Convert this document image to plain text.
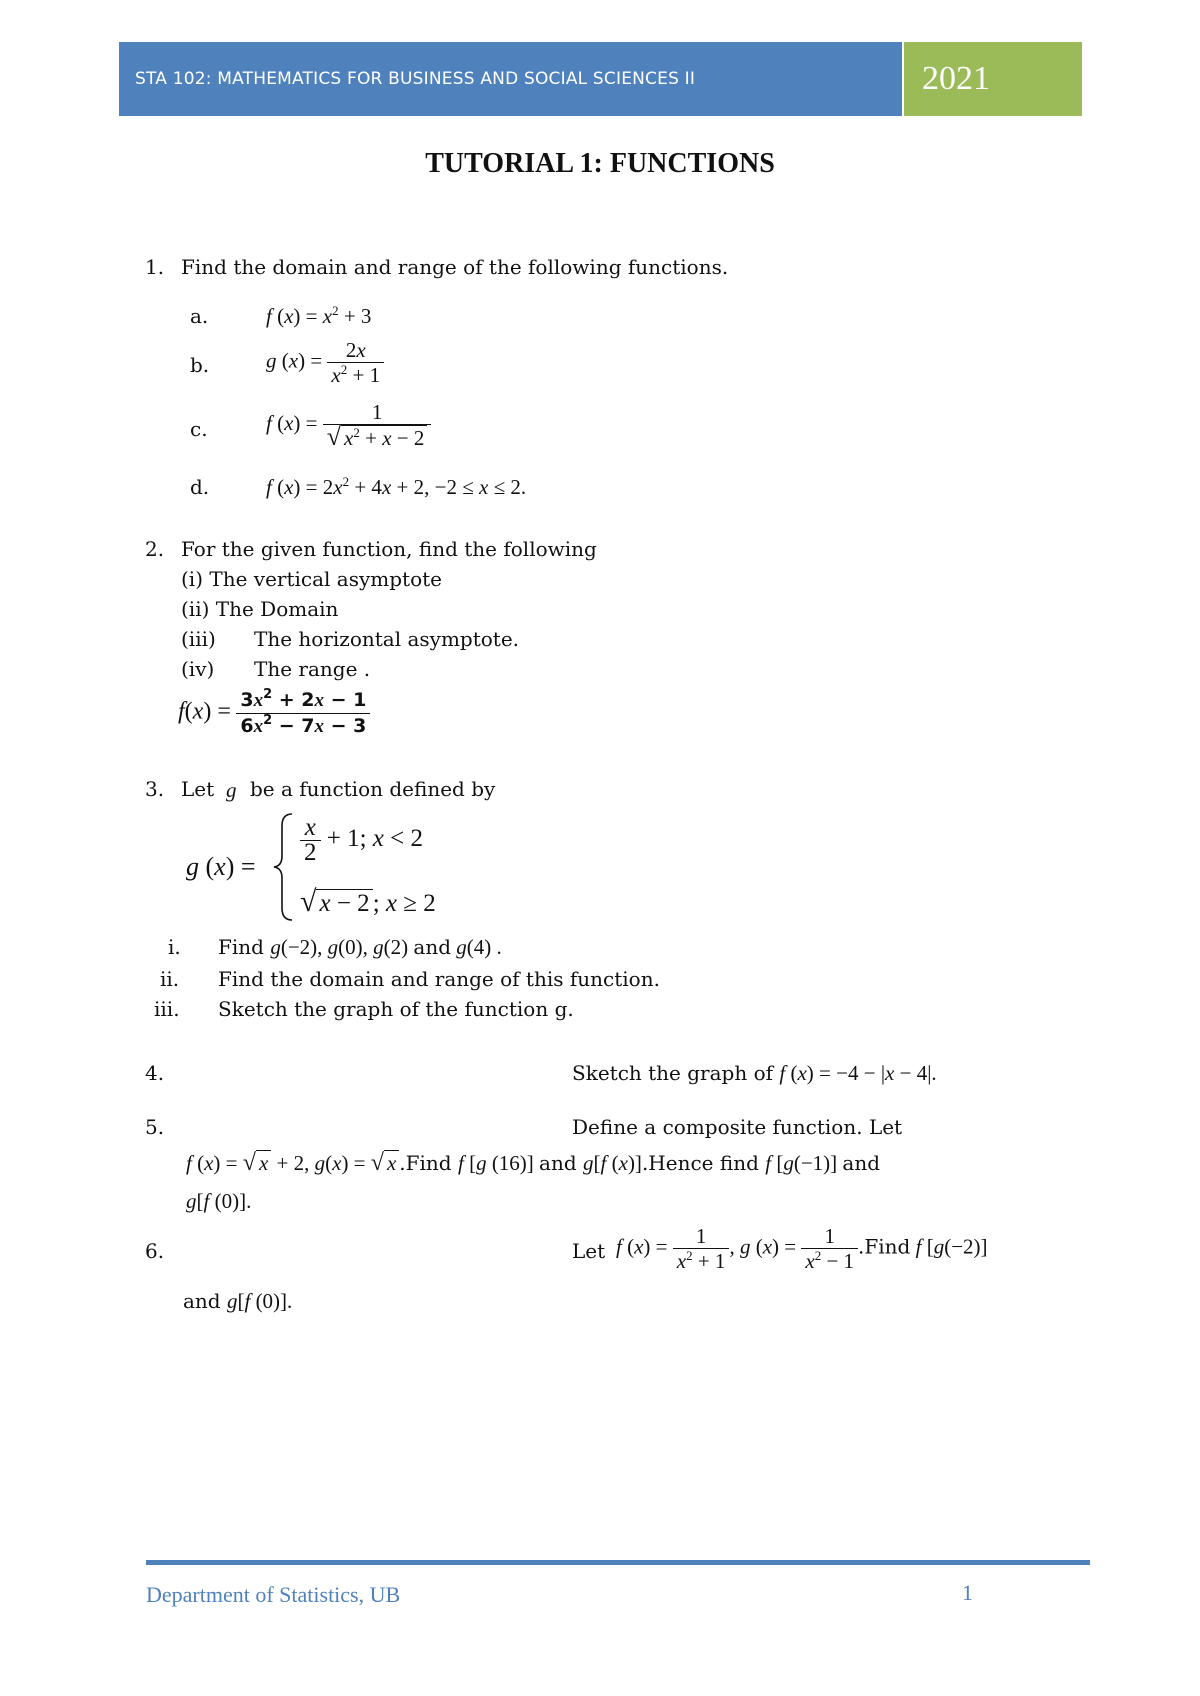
STA 102: MATHEMATICS FOR BUSINESS AND SOCIAL SCIENCES II	2021
TUTORIAL 1: FUNCTIONS
1. Find the domain and range of the following functions.
a.	f $(x) = x^2 + 3$
b.	g $(x) = \frac{2x}{x^2 + 1}$
c.	f $(x) = \frac{1}{√ x^2 + x - 2}$
d.	f $(x) = 2x^2 + 4x + 2$, −2 ≤ x ≤ 2.
2. For the given function, find the following
(i) The vertical asymptote
(ii) The Domain
(iii) The horizontal asymptote.
(iv) The range .
$f(x) = \frac{3x^2 + 2x - 1}{6x^2 - 7x - 3}$
3. Let g be a function defined by
g (x) =
$\frac{x}{2} + 1$; x < 2
√ x − 2 ; x ≥ 2
i. Find g(−2), g(0), g(2) and g(4) .
ii. Find the domain and range of this function.
iii. Sketch the graph of the function g.
4.	Sketch the graph of f (x) = −4 − |x − 4|.
5.	Define a composite function. Let
f (x) = √ x + 2, g(x) = √ x .Find f [g (16)] and g[f (x)].Hence find f [g(−1)] and
g[f (0)].
6.	Let f $(x) = \frac{1}{x^2 + 1}$ , g $(x) = \frac{1}{x^2 - 1}$ .Find f [g(−2)]
and g[f (0)].
Department of Statistics, UB	1
